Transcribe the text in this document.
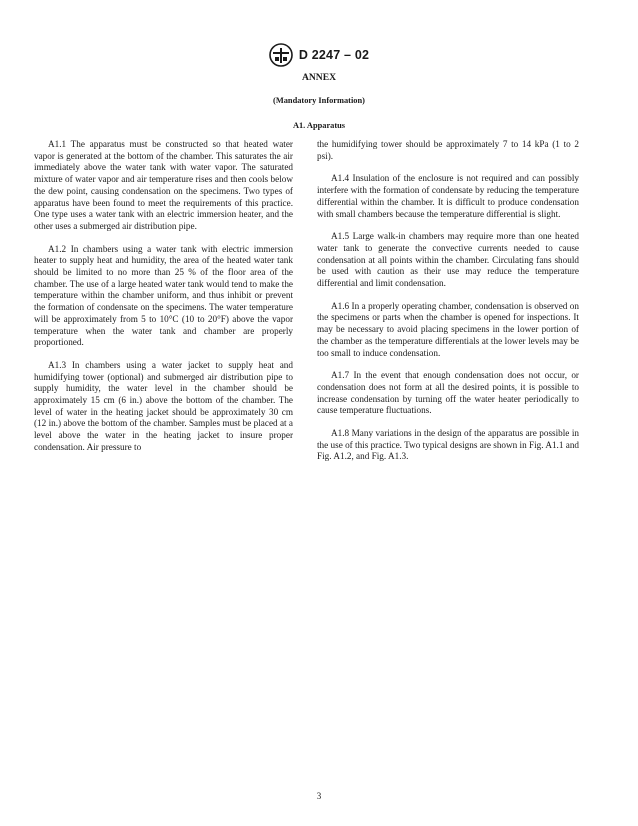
D 2247 – 02
ANNEX
(Mandatory Information)
A1. Apparatus

A1.1 The apparatus must be constructed so that heated water vapor is generated at the bottom of the chamber. This saturates the air immediately above the water tank with water vapor. The saturated mixture of water vapor and air temperature rises and then cools below the dew point, causing condensation on the specimens. Two types of apparatus have been found to meet the requirements of this practice. One type uses a water tank with an electric immersion heater, and the other uses a submerged air distribution pipe.

A1.2 In chambers using a water tank with electric immersion heater to supply heat and humidity, the area of the heated water tank should be limited to no more than 25 % of the floor area of the chamber. The use of a large heated water tank would tend to make the temperature within the chamber uniform, and thus inhibit or prevent the formation of condensate on the specimens. The water temperature will be approximately from 5 to 10°C (10 to 20°F) above the vapor temperature when the water tank and chamber are properly proportioned.

A1.3 In chambers using a water jacket to supply heat and humidifying tower (optional) and submerged air distribution pipe to supply humidity, the water level in the chamber should be approximately 15 cm (6 in.) above the bottom of the chamber. The level of water in the heating jacket should be approximately 30 cm (12 in.) above the bottom of the chamber. Samples must be placed at a level above the water in the heating jacket to insure proper condensation. Air pressure to

the humidifying tower should be approximately 7 to 14 kPa (1 to 2 psi).

A1.4 Insulation of the enclosure is not required and can possibly interfere with the formation of condensate by reducing the temperature differential within the chamber. It is difficult to produce condensation with small chambers because the temperature differential is slight.

A1.5 Large walk-in chambers may require more than one heated water tank to generate the convective currents needed to cause condensation at all points within the chamber. Circulating fans should be used with caution as their use may reduce the temperature differential and limit condensation.

A1.6 In a properly operating chamber, condensation is observed on the specimens or parts when the chamber is opened for inspections. It may be necessary to avoid placing specimens in the lower portion of the chamber as the temperature differentials at the lower levels may be too small to induce condensation.

A1.7 In the event that enough condensation does not occur, or condensation does not form at all the desired points, it is possible to increase condensation by turning off the water heater periodically to cause temperature fluctuations.

A1.8 Many variations in the design of the apparatus are possible in the use of this practice. Two typical designs are shown in Fig. A1.1 and Fig. A1.2, and Fig. A1.3.

3
